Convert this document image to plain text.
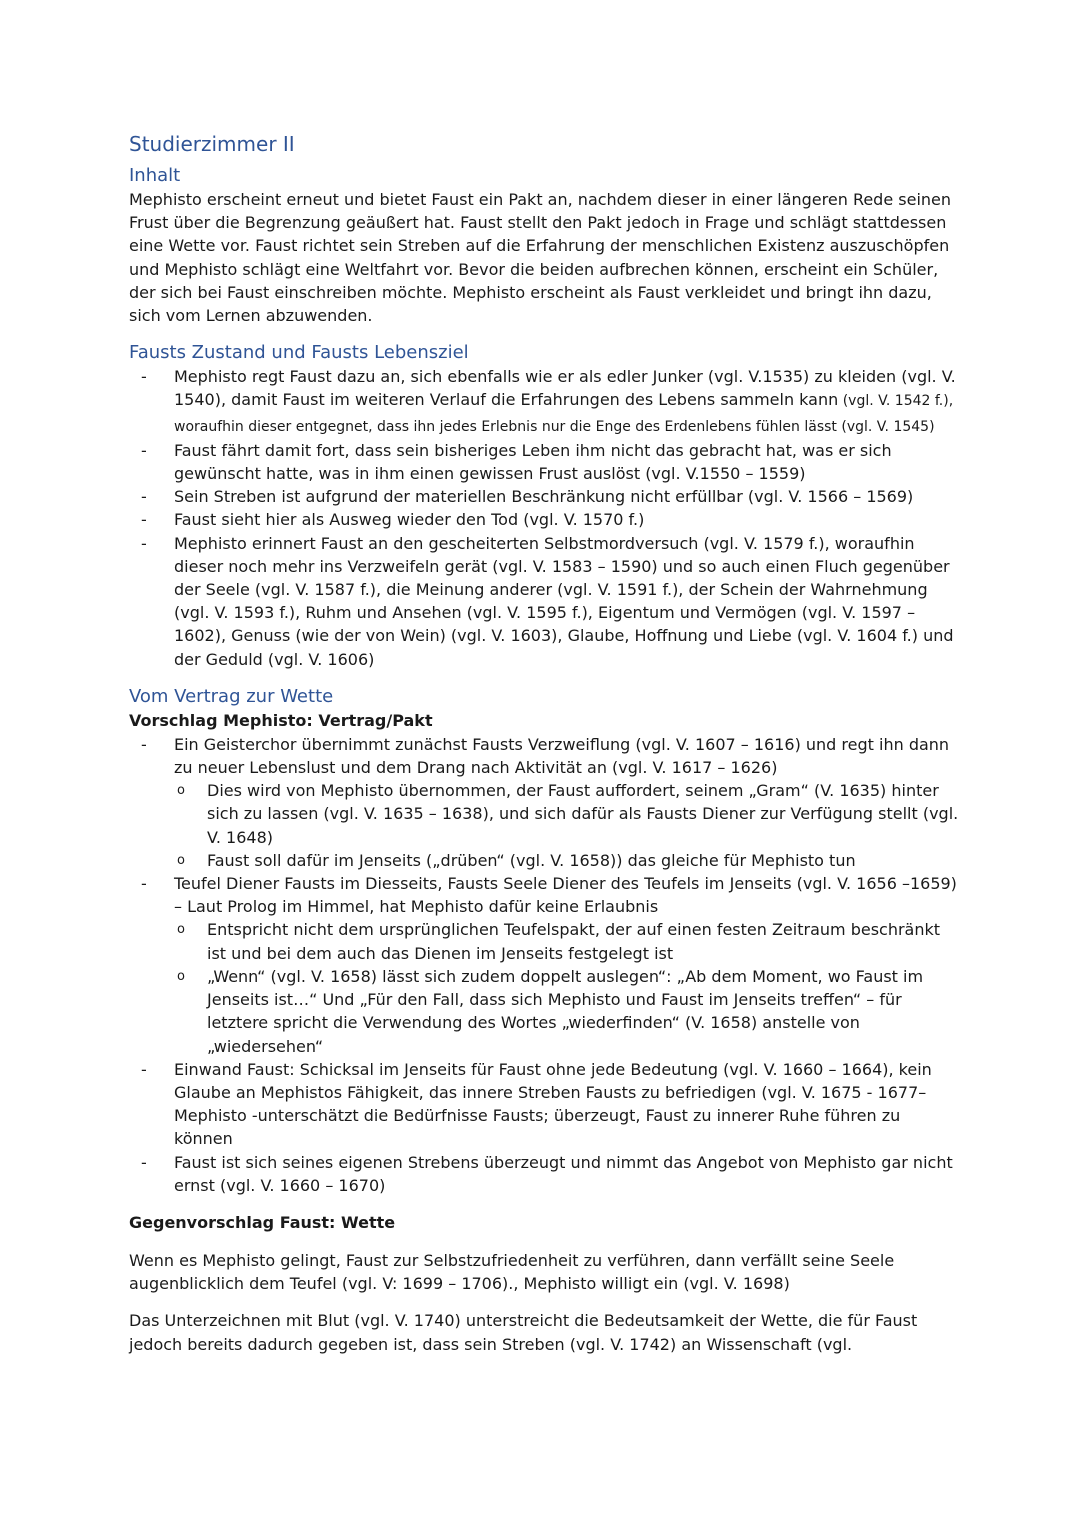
Studierzimmer II
Inhalt

Mephisto erscheint erneut und bietet Faust ein Pakt an, nachdem dieser in einer längeren Rede seinen Frust über die Begrenzung geäußert hat. Faust stellt den Pakt jedoch in Frage und schlägt stattdessen eine Wette vor. Faust richtet sein Streben auf die Erfahrung der menschlichen Existenz auszuschöpfen und Mephisto schlägt eine Weltfahrt vor. Bevor die beiden aufbrechen können, erscheint ein Schüler, der sich bei Faust einschreiben möchte. Mephisto erscheint als Faust verkleidet und bringt ihn dazu, sich vom Lernen abzuwenden.

Fausts Zustand und Fausts Lebensziel
- Mephisto regt Faust dazu an, sich ebenfalls wie er als edler Junker (vgl. V.1535) zu kleiden (vgl. V. 1540), damit Faust im weiteren Verlauf die Erfahrungen des Lebens sammeln kann (vgl. V. 1542 f.), woraufhin dieser entgegnet, dass ihn jedes Erlebnis nur die Enge des Erdenlebens fühlen lässt (vgl. V. 1545)
- Faust fährt damit fort, dass sein bisheriges Leben ihm nicht das gebracht hat, was er sich gewünscht hatte, was in ihm einen gewissen Frust auslöst (vgl. V.1550 – 1559)
- Sein Streben ist aufgrund der materiellen Beschränkung nicht erfüllbar (vgl. V. 1566 – 1569)
- Faust sieht hier als Ausweg wieder den Tod (vgl. V. 1570 f.)
- Mephisto erinnert Faust an den gescheiterten Selbstmordversuch (vgl. V. 1579 f.), woraufhin dieser noch mehr ins Verzweifeln gerät (vgl. V. 1583 – 1590) und so auch einen Fluch gegenüber der Seele (vgl. V. 1587 f.), die Meinung anderer (vgl. V. 1591 f.), der Schein der Wahrnehmung (vgl. V. 1593 f.), Ruhm und Ansehen (vgl. V. 1595 f.), Eigentum und Vermögen (vgl. V. 1597 – 1602), Genuss (wie der von Wein) (vgl. V. 1603), Glaube, Hoffnung und Liebe (vgl. V. 1604 f.) und der Geduld (vgl. V. 1606)
Vom Vertrag zur Wette
Vorschlag Mephisto: Vertrag/Pakt
- Ein Geisterchor übernimmt zunächst Fausts Verzweiflung (vgl. V. 1607 – 1616) und regt ihn dann zu neuer Lebenslust und dem Drang nach Aktivität an (vgl. V. 1617 – 1626)
o Dies wird von Mephisto übernommen, der Faust auffordert, seinem „Gram“ (V. 1635) hinter sich zu lassen (vgl. V. 1635 – 1638), und sich dafür als Fausts Diener zur Verfügung stellt (vgl. V. 1648)
o Faust soll dafür im Jenseits („drüben“ (vgl. V. 1658)) das gleiche für Mephisto tun
- Teufel Diener Fausts im Diesseits, Fausts Seele Diener des Teufels im Jenseits (vgl. V. 1656 –1659) – Laut Prolog im Himmel, hat Mephisto dafür keine Erlaubnis
o Entspricht nicht dem ursprünglichen Teufelspakt, der auf einen festen Zeitraum beschränkt ist und bei dem auch das Dienen im Jenseits festgelegt ist
o „Wenn“ (vgl. V. 1658) lässt sich zudem doppelt auslegen“: „Ab dem Moment, wo Faust im Jenseits ist…“ Und „Für den Fall, dass sich Mephisto und Faust im Jenseits treffen“ – für letztere spricht die Verwendung des Wortes „wiederfinden“ (V. 1658) anstelle von „wiedersehen“
- Einwand Faust: Schicksal im Jenseits für Faust ohne jede Bedeutung (vgl. V. 1660 – 1664), kein Glaube an Mephistos Fähigkeit, das innere Streben Fausts zu befriedigen (vgl. V. 1675 - 1677– Mephisto -unterschätzt die Bedürfnisse Fausts; überzeugt, Faust zu innerer Ruhe führen zu können
- Faust ist sich seines eigenen Strebens überzeugt und nimmt das Angebot von Mephisto gar nicht ernst (vgl. V. 1660 – 1670)
Gegenvorschlag Faust: Wette

Wenn es Mephisto gelingt, Faust zur Selbstzufriedenheit zu verführen, dann verfällt seine Seele augenblicklich dem Teufel (vgl. V: 1699 – 1706)., Mephisto willigt ein (vgl. V. 1698)

Das Unterzeichnen mit Blut (vgl. V. 1740) unterstreicht die Bedeutsamkeit der Wette, die für Faust jedoch bereits dadurch gegeben ist, dass sein Streben (vgl. V. 1742) an Wissenschaft (vgl.
